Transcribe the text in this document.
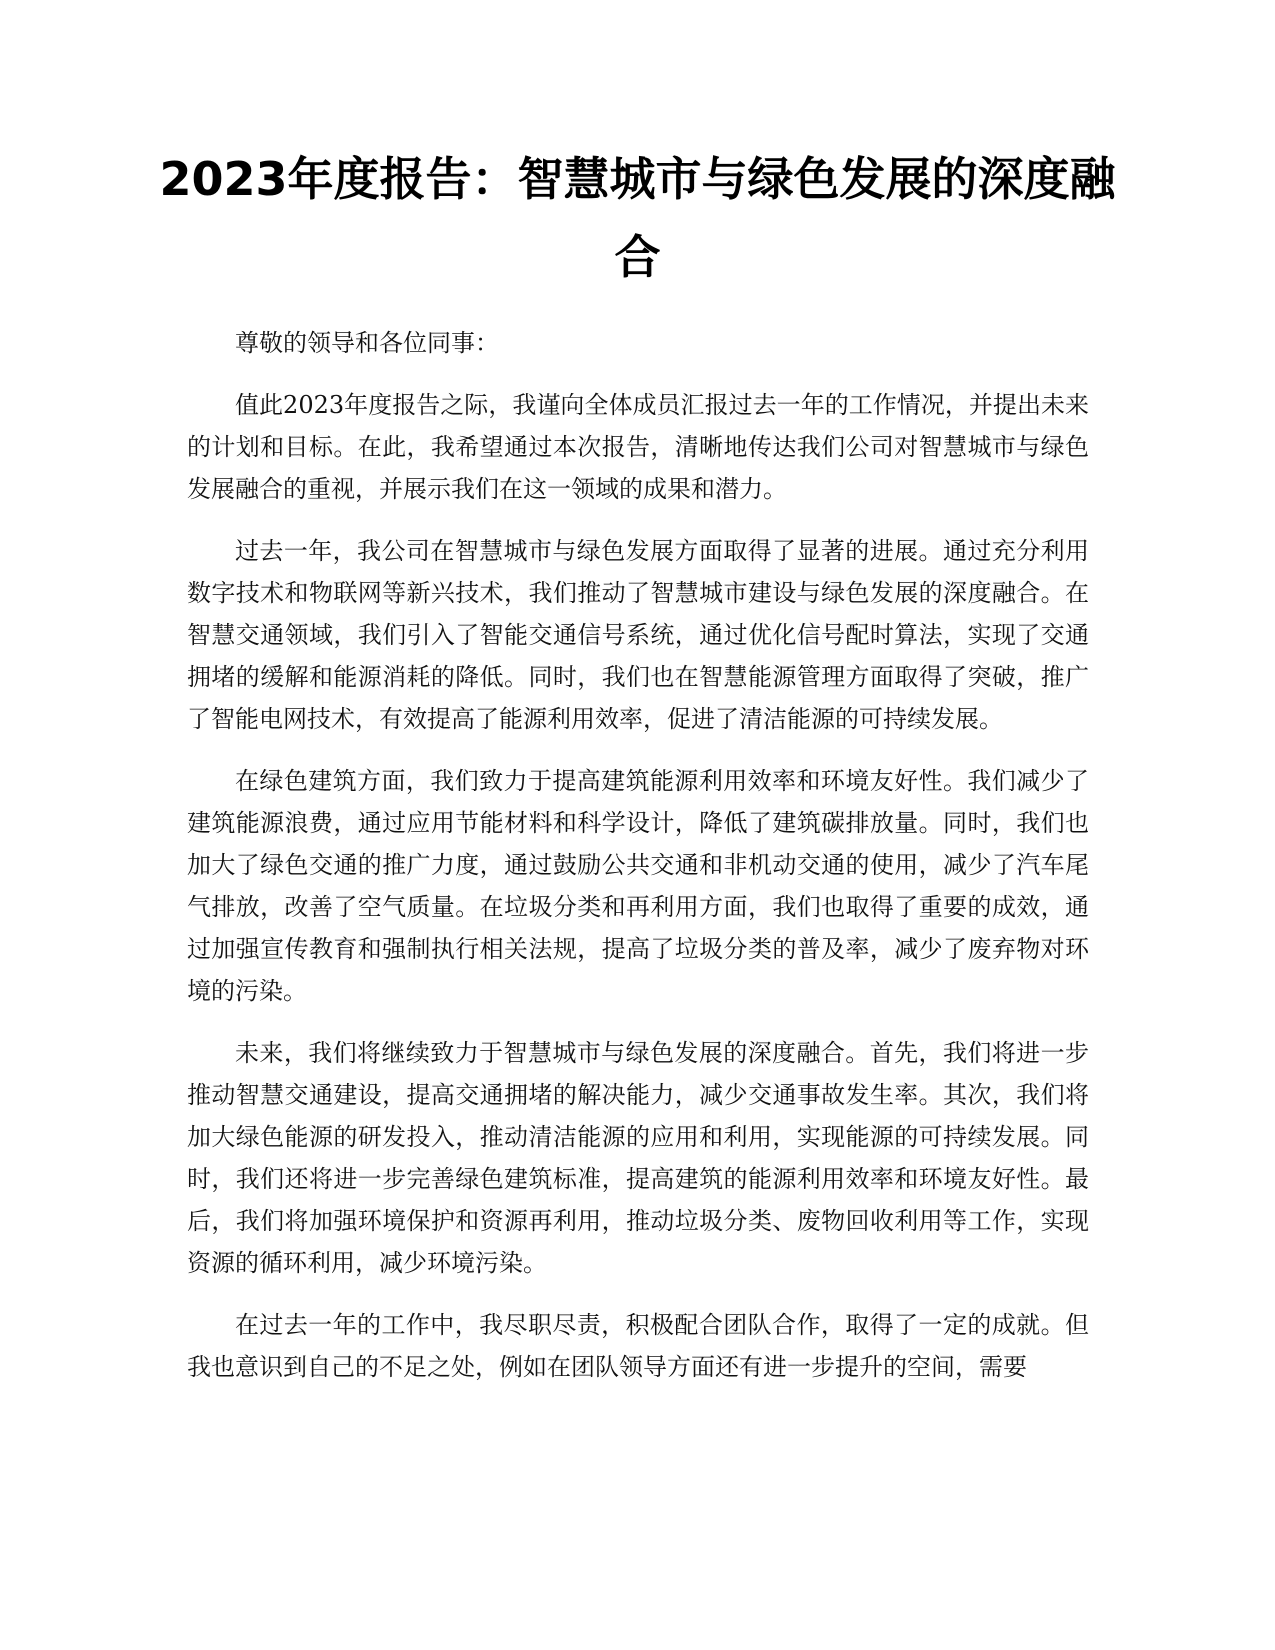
2023年度报告：智慧城市与绿色发展的深度融合

尊敬的领导和各位同事：

值此2023年度报告之际，我谨向全体成员汇报过去一年的工作情况，并提出未来的计划和目标。在此，我希望通过本次报告，清晰地传达我们公司对智慧城市与绿色发展融合的重视，并展示我们在这一领域的成果和潜力。

过去一年，我公司在智慧城市与绿色发展方面取得了显著的进展。通过充分利用数字技术和物联网等新兴技术，我们推动了智慧城市建设与绿色发展的深度融合。在智慧交通领域，我们引入了智能交通信号系统，通过优化信号配时算法，实现了交通拥堵的缓解和能源消耗的降低。同时，我们也在智慧能源管理方面取得了突破，推广了智能电网技术，有效提高了能源利用效率，促进了清洁能源的可持续发展。

在绿色建筑方面，我们致力于提高建筑能源利用效率和环境友好性。我们减少了建筑能源浪费，通过应用节能材料和科学设计，降低了建筑碳排放量。同时，我们也加大了绿色交通的推广力度，通过鼓励公共交通和非机动交通的使用，减少了汽车尾气排放，改善了空气质量。在垃圾分类和再利用方面，我们也取得了重要的成效，通过加强宣传教育和强制执行相关法规，提高了垃圾分类的普及率，减少了废弃物对环境的污染。

未来，我们将继续致力于智慧城市与绿色发展的深度融合。首先，我们将进一步推动智慧交通建设，提高交通拥堵的解决能力，减少交通事故发生率。其次，我们将加大绿色能源的研发投入，推动清洁能源的应用和利用，实现能源的可持续发展。同时，我们还将进一步完善绿色建筑标准，提高建筑的能源利用效率和环境友好性。最后，我们将加强环境保护和资源再利用，推动垃圾分类、废物回收利用等工作，实现资源的循环利用，减少环境污染。

在过去一年的工作中，我尽职尽责，积极配合团队合作，取得了一定的成就。但我也意识到自己的不足之处，例如在团队领导方面还有进一步提升的空间，需要
